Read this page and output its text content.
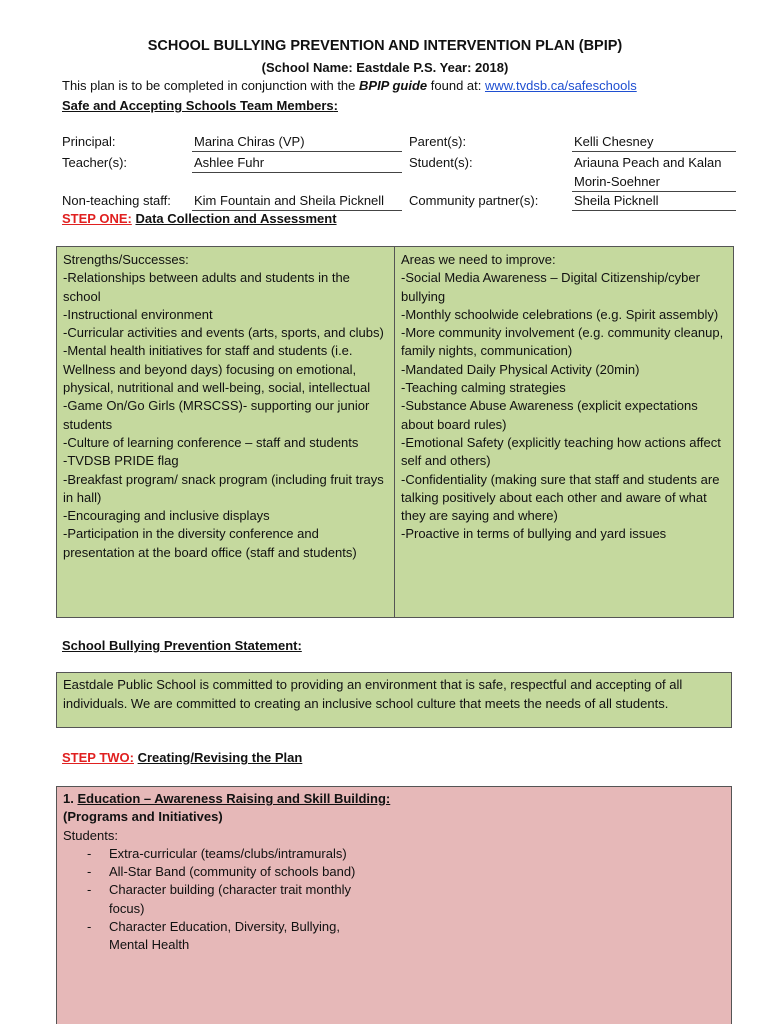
SCHOOL BULLYING PREVENTION AND INTERVENTION PLAN (BPIP)
(School Name: Eastdale P.S. Year: 2018)
This plan is to be completed in conjunction with the BPIP guide found at: www.tvdsb.ca/safeschools
Safe and Accepting Schools Team Members:
Principal:	Marina Chiras (VP)
Teacher(s):	Ashlee Fuhr
Non-teaching staff: Kim Fountain and Sheila Picknell
Parent(s):	Kelli Chesney
Student(s):	Ariauna Peach and Kalan Morin-Soehner
Community partner(s):	Sheila Picknell
STEP ONE: Data Collection and Assessment
Strengths/Successes:
-Relationships between adults and students in the school
-Instructional environment
-Curricular activities and events (arts, sports, and clubs)
-Mental health initiatives for staff and students (i.e. Wellness and beyond days) focusing on emotional, physical, nutritional and well-being, social, intellectual
-Game On/Go Girls (MRSCSS)- supporting our junior students
-Culture of learning conference – staff and students
-TVDSB PRIDE flag
-Breakfast program/ snack program (including fruit trays in hall)
-Encouraging and inclusive displays
-Participation in the diversity conference and presentation at the board office (staff and students)
Areas we need to improve:
-Social Media Awareness – Digital Citizenship/cyber bullying
-Monthly schoolwide celebrations (e.g. Spirit assembly)
-More community involvement (e.g. community cleanup, family nights, communication)
-Mandated Daily Physical Activity (20min)
-Teaching calming strategies
-Substance Abuse Awareness (explicit expectations about board rules)
-Emotional Safety (explicitly teaching how actions affect self and others)
-Confidentiality (making sure that staff and students are talking positively about each other and aware of what they are saying and where)
-Proactive in terms of bullying and yard issues
School Bullying Prevention Statement:
Eastdale Public School is committed to providing an environment that is safe, respectful and accepting of all individuals. We are committed to creating an inclusive school culture that meets the needs of all students.
STEP TWO: Creating/Revising the Plan
1. Education – Awareness Raising and Skill Building:
(Programs and Initiatives)
Students:
- Extra-curricular (teams/clubs/intramurals)
- All-Star Band (community of schools band)
- Character building (character trait monthly focus)
- Character Education, Diversity, Bullying, Mental Health
